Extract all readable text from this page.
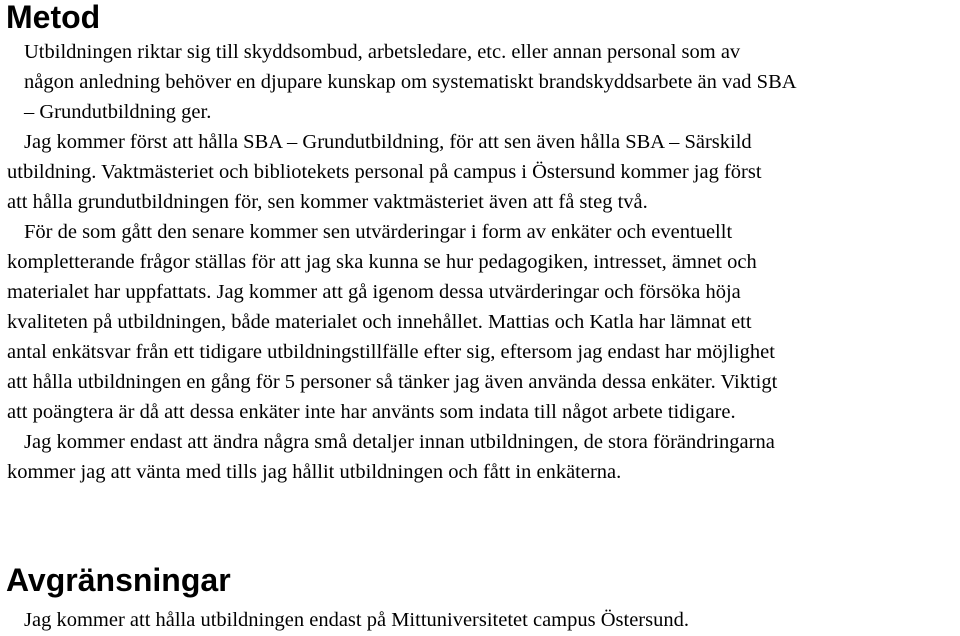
Metod
Utbildningen riktar sig till skyddsombud, arbetsledare, etc. eller annan personal som av
någon anledning behöver en djupare kunskap om systematiskt brandskyddsarbete än vad SBA
– Grundutbildning ger.
Jag kommer först att hålla SBA – Grundutbildning, för att sen även hålla SBA – Särskild
utbildning. Vaktmästeriet och bibliotekets personal på campus i Östersund kommer jag först
att hålla grundutbildningen för, sen kommer vaktmästeriet även att få steg två.
För de som gått den senare kommer sen utvärderingar i form av enkäter och eventuellt
kompletterande frågor ställas för att jag ska kunna se hur pedagogiken, intresset, ämnet och
materialet har uppfattats. Jag kommer att gå igenom dessa utvärderingar och försöka höja
kvaliteten på utbildningen, både materialet och innehållet. Mattias och Katla har lämnat ett
antal enkätsvar från ett tidigare utbildningstillfälle efter sig, eftersom jag endast har möjlighet
att hålla utbildningen en gång för 5 personer så tänker jag även använda dessa enkäter. Viktigt
att poängtera är då att dessa enkäter inte har använts som indata till något arbete tidigare.
Jag kommer endast att ändra några små detaljer innan utbildningen, de stora förändringarna
kommer jag att vänta med tills jag hållit utbildningen och fått in enkäterna.
Avgränsningar
Jag kommer att hålla utbildningen endast på Mittuniversitetet campus Östersund.
